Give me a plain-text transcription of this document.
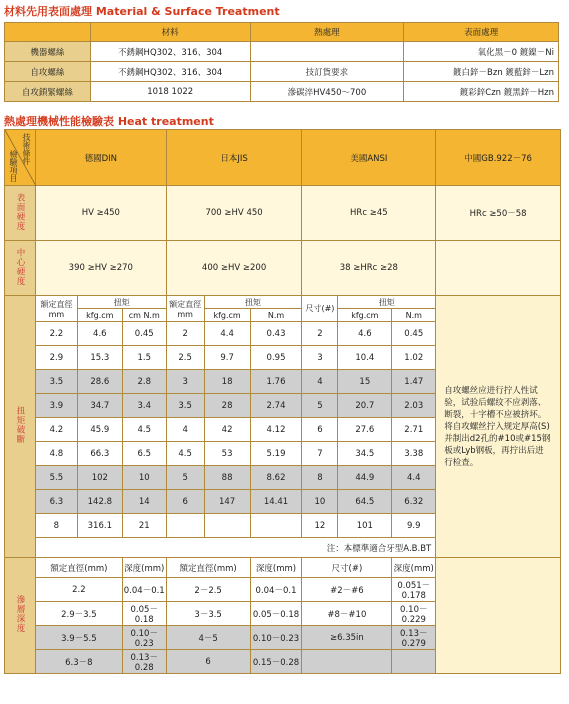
材料先用表面處理 Material & Surface Treatment
	材料	熱處理	表面處理
機器螺絲	不銹鋼HQ302、316、304		氧化黑－0 鍍鎳－Ni
自攻螺絲	不銹鋼HQ302、316、304	技訂貨要求	鍍白鋅－Bzn 鍍藍鋅－Lzn
自攻鎖緊螺絲	1018 1022	滲碳淬HV450～700	鍍彩鋅Czn 鍍黑鋅－Hzn
熱處理機械性能檢驗表 Heat treatment
技術條件
檢驗項目	德國DIN			日本JIS			美國ANSI			中國GB.922－76
表面硬度	HV ≥450			700 ≥HV 450			HRc ≥45			HRc ≥50－58
中心硬度	390 ≥HV ≥270			400 ≥HV ≥200			38 ≥HRc ≥28			
扭矩破斷	額定直徑mm	扭矩		額定直徑mm	扭矩		尺寸(#)	扭矩		自攻螺丝应进行拧人性试验，试验后螺纹不应剥落、断裂，十字槽不应被挤坏。将自攻螺丝拧入规定厚高(S)并制出d2孔的#10或#15钢板或Lyb钢板，再拧出后进行检查。
		kfg.cm	cm N.m		kfg.cm	N.m		kfg.cm	N.m	
	2.2	4.6	0.45	2	4.4	0.43	2	4.6	0.45	
	2.9	15.3	1.5	2.5	9.7	0.95	3	10.4	1.02	
	3.5	28.6	2.8	3	18	1.76	4	15	1.47	
	3.9	34.7	3.4	3.5	28	2.74	5	20.7	2.03	
	4.2	45.9	4.5	4	42	4.12	6	27.6	2.71	
	4.8	66.3	6.5	4.5	53	5.19	7	34.5	3.38	
	5.5	102	10	5	88	8.62	8	44.9	4.4	
	6.3	142.8	14	6	147	14.41	10	64.5	6.32	
	8	316.1	21				12	101	9.9	
	注：本標準適合牙型A.B.BT									
滲層深度	額定直徑(mm)		深度(mm)	額定直徑(mm)		深度(mm)	尺寸(#)		深度(mm)	
	2.2		0.04－0.1	2－2.5		0.04－0.1	#2－#6		0.051－0.178	
	2.9－3.5		0.05－0.18	3－3.5		0.05－0.18	#8－#10		0.10－0.229	
	3.9－5.5		0.10－0.23	4－5		0.10－0.23	≥6.35in		0.13－0.279	
	6.3－8		0.13－0.28	6		0.15－0.28				
